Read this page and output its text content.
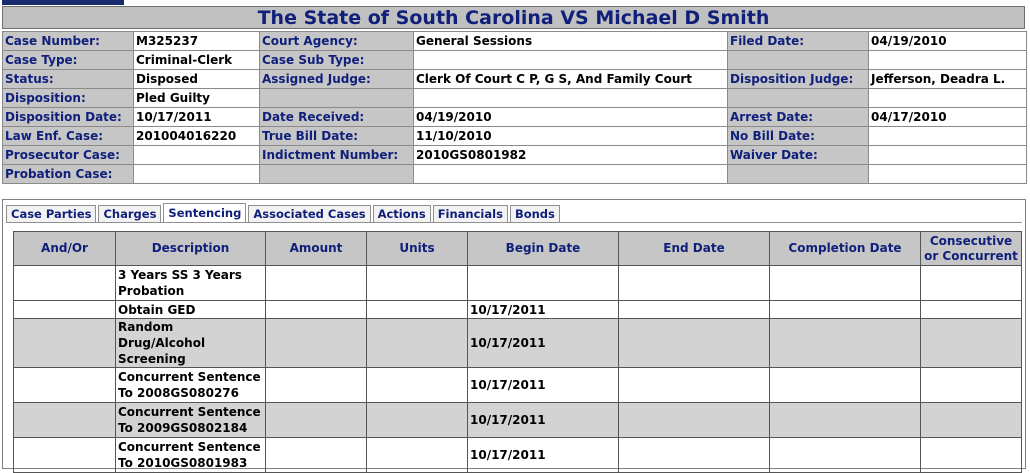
The State of South Carolina VS Michael D Smith
Case Number:	M325237	Court Agency:	General Sessions	Filed Date:	04/19/2010
Case Type:	Criminal-Clerk	Case Sub Type:			
Status:	Disposed	Assigned Judge:	Clerk Of Court C P, G S, And Family Court	Disposition Judge:	Jefferson, Deadra L.
Disposition:	Pled Guilty				
Disposition Date:	10/17/2011	Date Received:	04/19/2010	Arrest Date:	04/17/2010
Law Enf. Case:	201004016220	True Bill Date:	11/10/2010	No Bill Date:	
Prosecutor Case:		Indictment Number:	2010GS0801982	Waiver Date:	
Probation Case:					
Case Parties	Charges	Sentencing	Associated Cases	Actions	Financials	Bonds
And/Or	Description	Amount	Units	Begin Date	End Date	Completion Date	Consecutive or Concurrent
	3 Years SS 3 Years Probation						
	Obtain GED			10/17/2011			
	Random Drug/Alcohol Screening			10/17/2011			
	Concurrent Sentence To 2008GS080276			10/17/2011			
	Concurrent Sentence To 2009GS0802184			10/17/2011			
	Concurrent Sentence To 2010GS0801983			10/17/2011			
